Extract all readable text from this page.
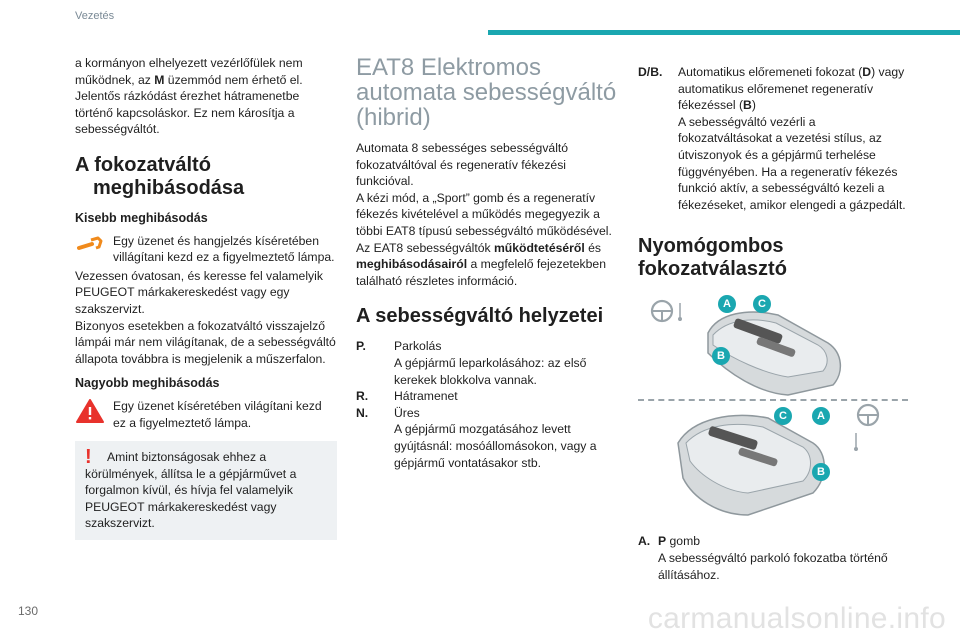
Vezetés

a kormányon elhelyezett vezérlőfülek nem működnek, az M üzemmód nem érhető el. Jelentős rázkódást érezhet hátramenetbe történő kapcsoláskor. Ez nem károsítja a sebességváltót.

A fokozatváltó meghibásodása
Kisebb meghibásodás

Egy üzenet és hangjelzés kíséretében villágítani kezd ez a figyelmeztető lámpa.

Vezessen óvatosan, és keresse fel valamelyik PEUGEOT márkakereskedést vagy egy szakszervizt.
Bizonyos esetekben a fokozatváltó visszajelző lámpái már nem világítanak, de a sebességváltó állapota továbbra is megjelenik a műszerfalon.

Nagyobb meghibásodás

Egy üzenet kíséretében világítani kezd ez a figyelmeztető lámpa.

!	Amint biztonságosak ehhez a körülmények, állítsa le a gépjárművet a forgalmon kívül, és hívja fel valamelyik PEUGEOT márkakereskedést vagy szakszervizt.

EAT8 Elektromos automata sebességváltó (hibrid)

Automata 8 sebességes sebességváltó fokozatváltóval és regeneratív fékezési funkcióval.

A kézi mód, a „Sport” gomb és a regeneratív fékezés kivételével a működés megegyezik a többi EAT8 típusú sebességváltó működésével.

Az EAT8 sebességváltók működtetéséről és meghibásodásairól a megfelelő fejezetekben található részletes információ.

A sebességváltó helyzetei
P.	Parkolás
A gépjármű leparkolásához: az első kerekek blokkolva vannak.
R.	Hátramenet
N.	Üres
A gépjármű mozgatásához levett gyújtásnál: mosóállomásokon, vagy a gépjármű vontatásakor stb.
D/B.	Automatikus előremeneti fokozat (D) vagy automatikus előremenet regeneratív fékezéssel (B)
A sebességváltó vezérli a fokozatváltásokat a vezetési stílus, az útviszonyok és a gépjármű terhelése függvényében. Ha a regeneratív fékezés funkció aktív, a sebességváltó kezeli a fékezéseket, amikor elengedi a gázpedált.
Nyomógombos fokozatválasztó
A	C
B
C	A
B
A. P gomb
A sebességváltó parkoló fokozatba történő állításához.
130	carmanualsonline.info
